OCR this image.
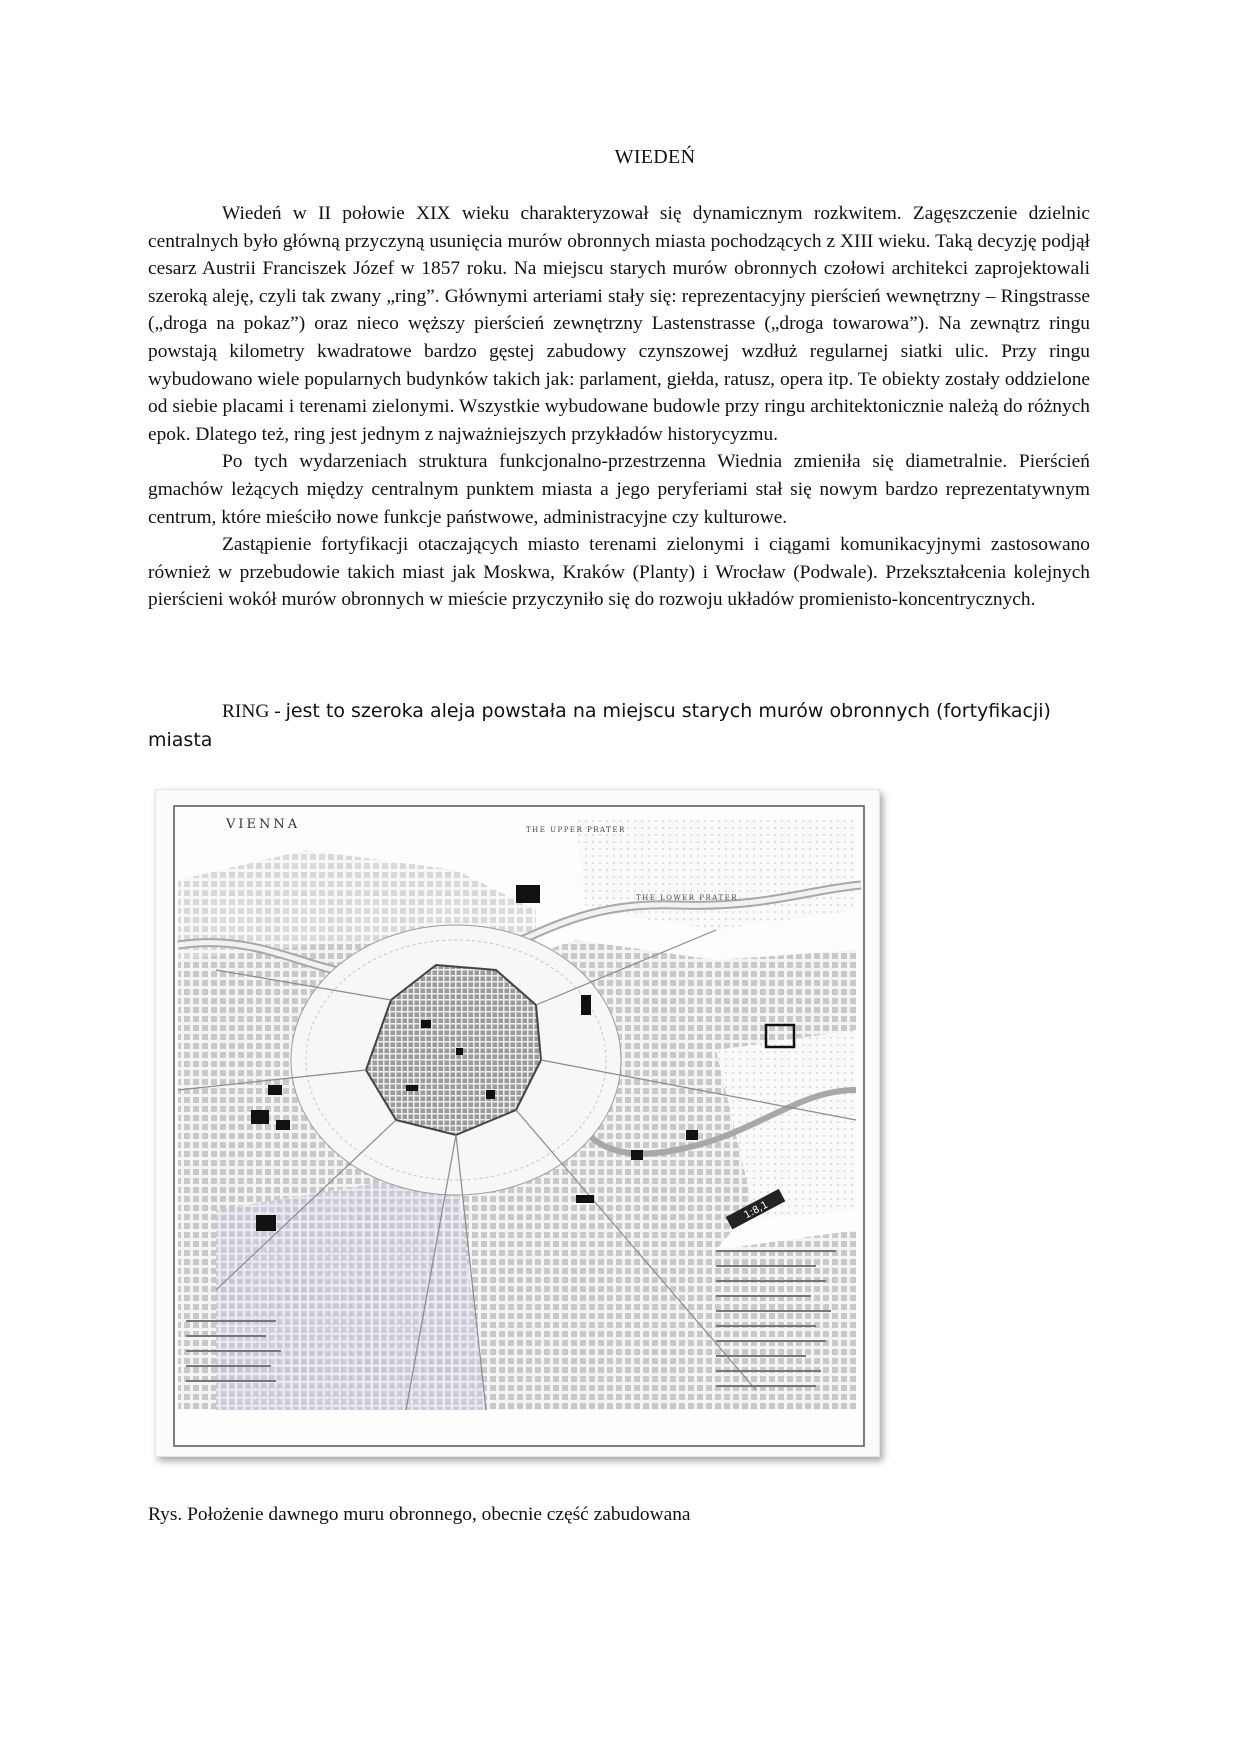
WIEDEŃ

Wiedeń w II połowie XIX wieku charakteryzował się dynamicznym rozkwitem. Zagęszczenie dzielnic centralnych było główną przyczyną usunięcia murów obronnych miasta pochodzących z XIII wieku. Taką decyzję podjął cesarz Austrii Franciszek Józef w 1857 roku. Na miejscu starych murów obronnych czołowi architekci zaprojektowali szeroką aleję, czyli tak zwany „ring”. Głównymi arteriami stały się: reprezentacyjny pierścień wewnętrzny – Ringstrasse („droga na pokaz”) oraz nieco węższy pierścień zewnętrzny Lastenstrasse („droga towarowa”). Na zewnątrz ringu powstają kilometry kwadratowe bardzo gęstej zabudowy czynszowej wzdłuż regularnej siatki ulic. Przy ringu wybudowano wiele popularnych budynków takich jak: parlament, giełda, ratusz, opera itp. Te obiekty zostały oddzielone od siebie placami i terenami zielonymi. Wszystkie wybudowane budowle przy ringu architektonicznie należą do różnych epok. Dlatego też, ring jest jednym z najważniejszych przykładów historycyzmu.

Po tych wydarzeniach struktura funkcjonalno-przestrzenna Wiednia zmieniła się diametralnie. Pierścień gmachów leżących między centralnym punktem miasta a jego peryferiami stał się nowym bardzo reprezentatywnym centrum, które mieściło nowe funkcje państwowe, administracyjne czy kulturowe.

Zastąpienie fortyfikacji otaczających miasto terenami zielonymi i ciągami komunikacyjnymi zastosowano również w przebudowie takich miast jak Moskwa, Kraków (Planty) i Wrocław (Podwale). Przekształcenia kolejnych pierścieni wokół murów obronnych w mieście przyczyniło się do rozwoju układów promienisto-koncentrycznych.

RING - jest to szeroka aleja powstała na miejscu starych murów obronnych (fortyfikacji) miasta
1:8,1
VIENNA	THE UPPER PRATER
THE LOWER PRATER
Rys. Położenie dawnego muru obronnego, obecnie część zabudowana
